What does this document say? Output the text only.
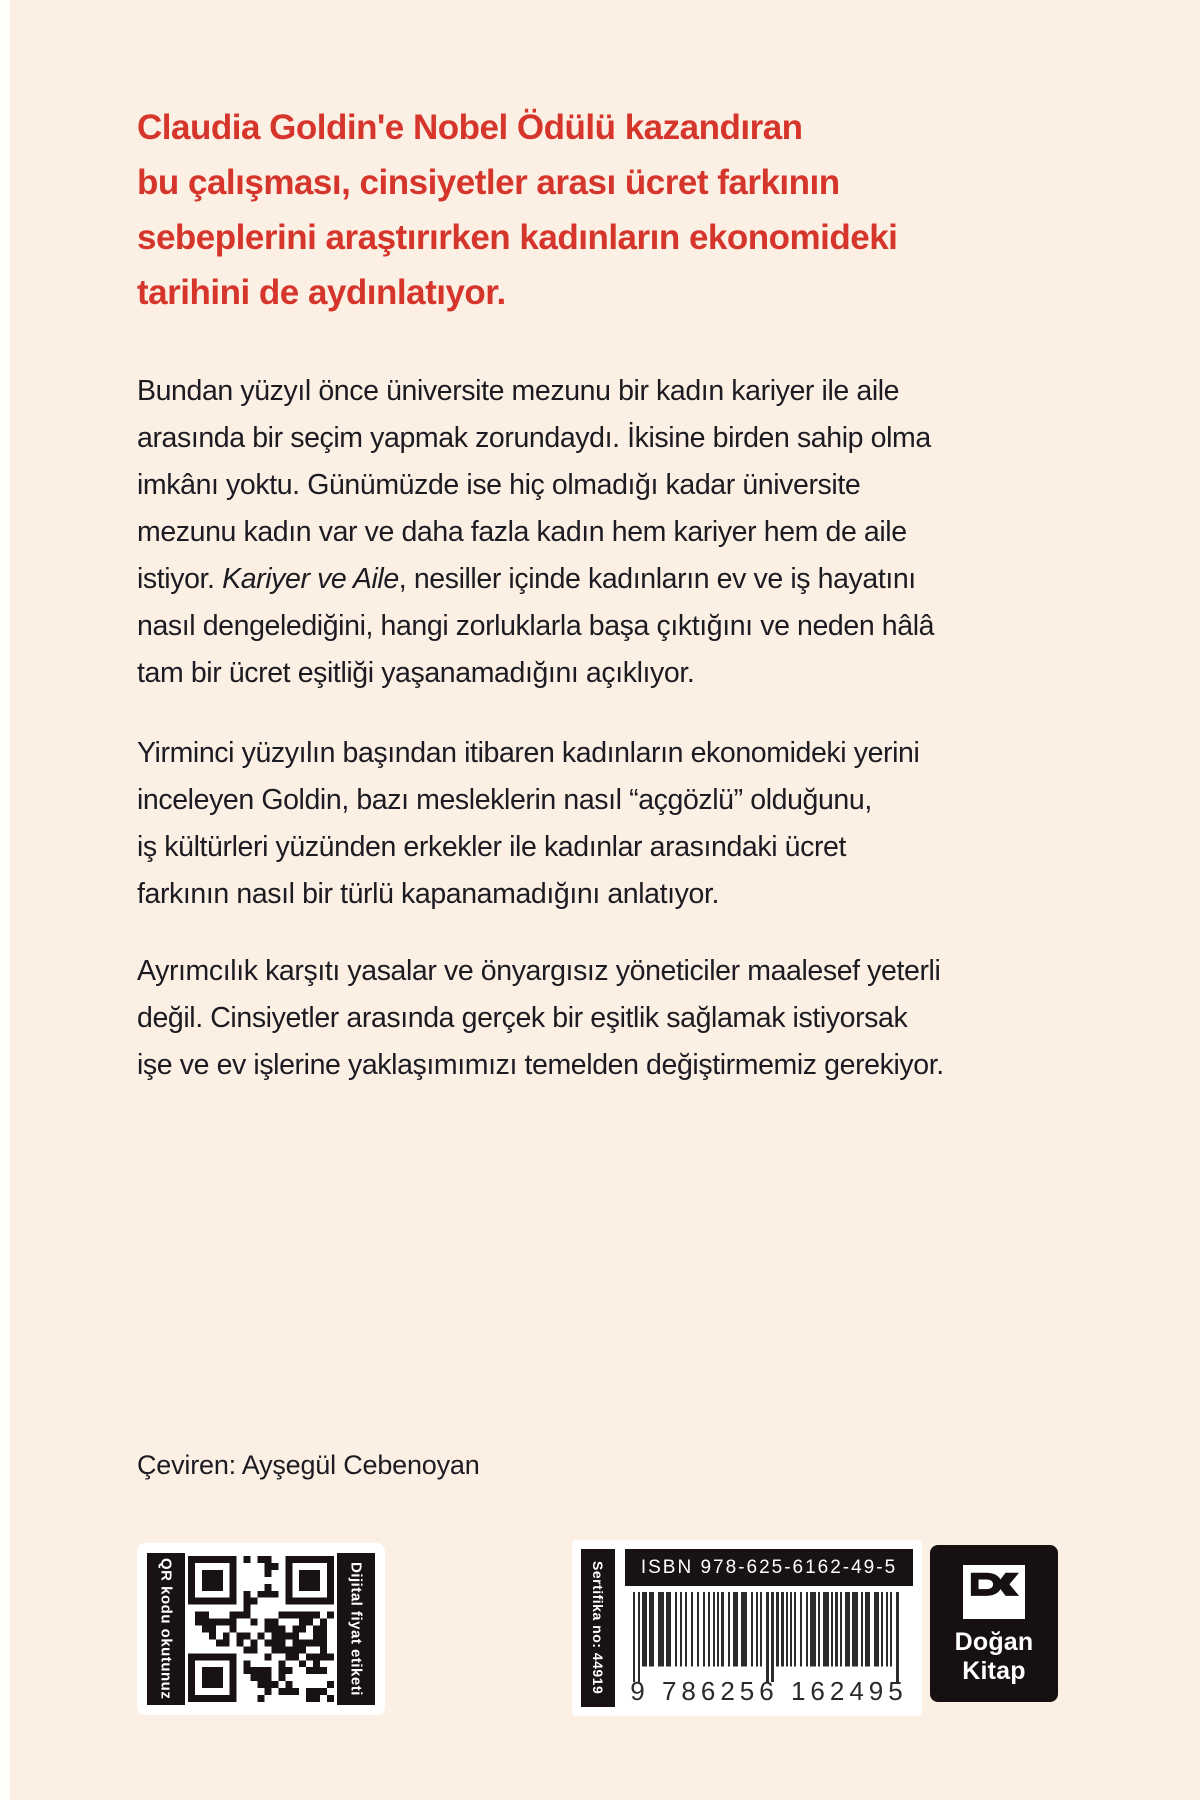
Claudia Goldin'e Nobel Ödülü kazandıran
bu çalışması, cinsiyetler arası ücret farkının
sebeplerini araştırırken kadınların ekonomideki
tarihini de aydınlatıyor.
Bundan yüzyıl önce üniversite mezunu bir kadın kariyer ile aile
arasında bir seçim yapmak zorundaydı. İkisine birden sahip olma
imkânı yoktu. Günümüzde ise hiç olmadığı kadar üniversite
mezunu kadın var ve daha fazla kadın hem kariyer hem de aile
istiyor. Kariyer ve Aile, nesiller içinde kadınların ev ve iş hayatını
nasıl dengelediğini, hangi zorluklarla başa çıktığını ve neden hâlâ
tam bir ücret eşitliği yaşanamadığını açıklıyor.
Yirminci yüzyılın başından itibaren kadınların ekonomideki yerini
inceleyen Goldin, bazı mesleklerin nasıl “açgözlü” olduğunu,
iş kültürleri yüzünden erkekler ile kadınlar arasındaki ücret
farkının nasıl bir türlü kapanamadığını anlatıyor.
Ayrımcılık karşıtı yasalar ve önyargısız yöneticiler maalesef yeterli
değil. Cinsiyetler arasında gerçek bir eşitlik sağlamak istiyorsak
işe ve ev işlerine yaklaşımımızı temelden değiştirmemiz gerekiyor.
Çeviren: Ayşegül Cebenoyan
QR kodu okutunuz	Dijital fiyat etiketi	Sertifika no: 44919	ISBN 978-625-6162-49-5
9 786256 162495
Doğan
Kitap
